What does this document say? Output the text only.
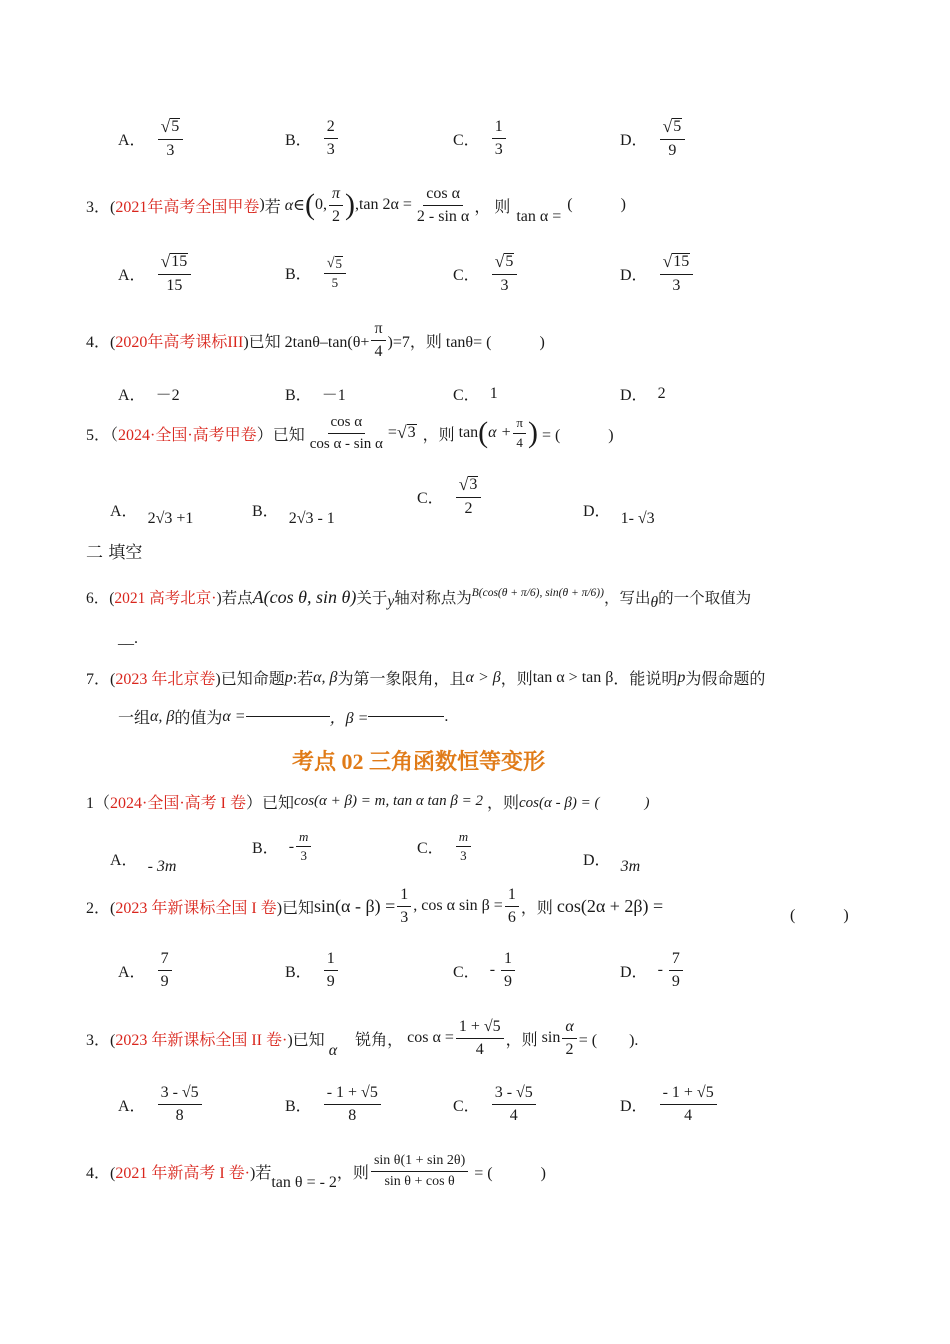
A． $\frac{√ 5}{3}$	B． $\frac{2}{3}$	C． $\frac{1}{3}$	D． $\frac{√ 5}{9}$
3．( 2021年高考全国甲卷 ) 若 α∈ ( 0, $\frac{\pi}{2}$ ) ,tan $2\alpha = \frac{\text{cos α}}{\text{2 - sin α}}$ ， 则
tan α =
(　　　)
A． $\frac{√ 15}{15}$	B． $\frac{√ 5}{5}$	C． $\frac{√ 5}{3}$	D． $\frac{√ 15}{3}$
4．( 2020年高考课标III )已知 $2\tan\theta-\tan(\theta+ \frac{\pi}{4} )=7$，则 tanθ= (　　　)
A． －2	B． －1	C． 1	D． 2
5．（ 2024·全国·高考甲卷 ）已知 $\frac{\text{cos α}}{\text{cos α - sin α}}$ = √ 3 ，则 tan ( $\alpha + \frac{\pi}{4}$ ) = (　　　)
A． 2√3 +1	B． 2√3 - 1
C． $\frac{√ 3}{2}$	D． 1- √3
二 填空
6．( 2021 高考北京· )若点 A(cos θ, sin θ) 关于 y 轴对称点为 B(cos(θ + π/6), sin(θ + π/6)) ，写出 θ 的一个取值为
__.
7．( 2023 年北京卷 )已知命题 p :若 α, β 为第一象限角，且 α > β ，则 tan α > tan β ．能说明 p 为假命题的
一组 α, β 的值为 α =	，β =	.
考点 02 三角函数恒等变形
1（ 2024·全国·高考 I 卷 ）已知 cos(α + β) = m, tan α tan β = 2 ，则 cos(α - β) = (　　　)
A． - 3m
B． - $\frac{m}{3}$	C． $\frac{m}{3}$	D． 3m
2．( 2023 年新课标全国 I 卷 )已知 $\sin(\alpha - \beta) = \frac{1}{3}$ , cos α $\sin \beta = \frac{1}{6}$ ，则 cos(2α + 2β) =	(　　　)
A． $\frac{7}{9}$	B． $\frac{1}{9}$	C． - $\frac{1}{9}$	D． - $\frac{7}{9}$
3．( 2023 年新课标全国 II 卷· )已知
α
锐角， $\cos \alpha = \frac{1 + √5}{4}$ ，则 $\sin \frac{\alpha}{2}$ = (　　).
A． $\frac{3 - √5}{8}$	B． $\frac{- 1 + √5}{8}$	C． $\frac{3 - √5}{4}$	D． $\frac{- 1 + √5}{4}$
4．( 2021 年新高考 I 卷· )若
tan θ = - 2
，则 $\frac{\text{sin θ(1 + sin 2θ)}}{\text{sin θ + cos θ}}$ = (　　　)
